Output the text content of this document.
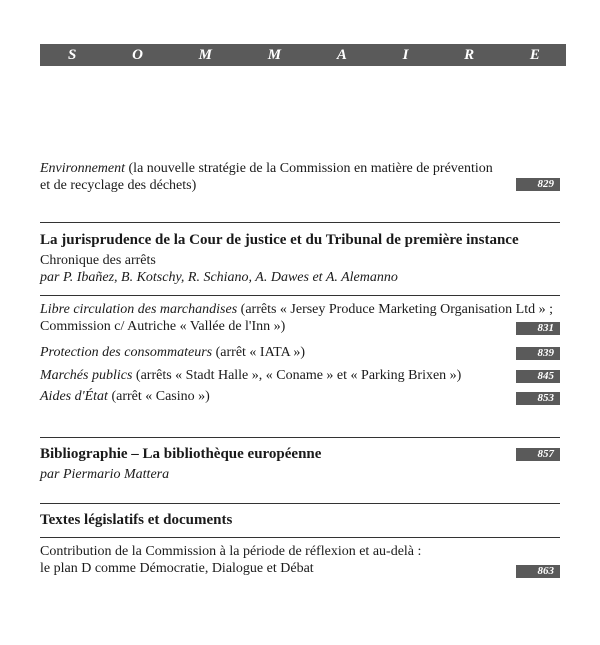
S	O	M	M	A	I	R	E
Environnement (la nouvelle stratégie de la Commission en matière de prévention
et de recyclage des déchets)	829
La jurisprudence de la Cour de justice et du Tribunal de première instance
Chronique des arrêts
par P. Ibañez, B. Kotschy, R. Schiano, A. Dawes et A. Alemanno
Libre circulation des marchandises (arrêts « Jersey Produce Marketing Organisation Ltd » ;
Commission c/ Autriche « Vallée de l'Inn »)	831
Protection des consommateurs (arrêt « IATA »)	839
Marchés publics (arrêts « Stadt Halle », « Coname » et « Parking Brixen »)	845
Aides d'État (arrêt « Casino »)	853
Bibliographie – La bibliothèque européenne	857
par Piermario Mattera
Textes législatifs et documents
Contribution de la Commission à la période de réflexion et au-delà :
le plan D comme Démocratie, Dialogue et Débat	863
